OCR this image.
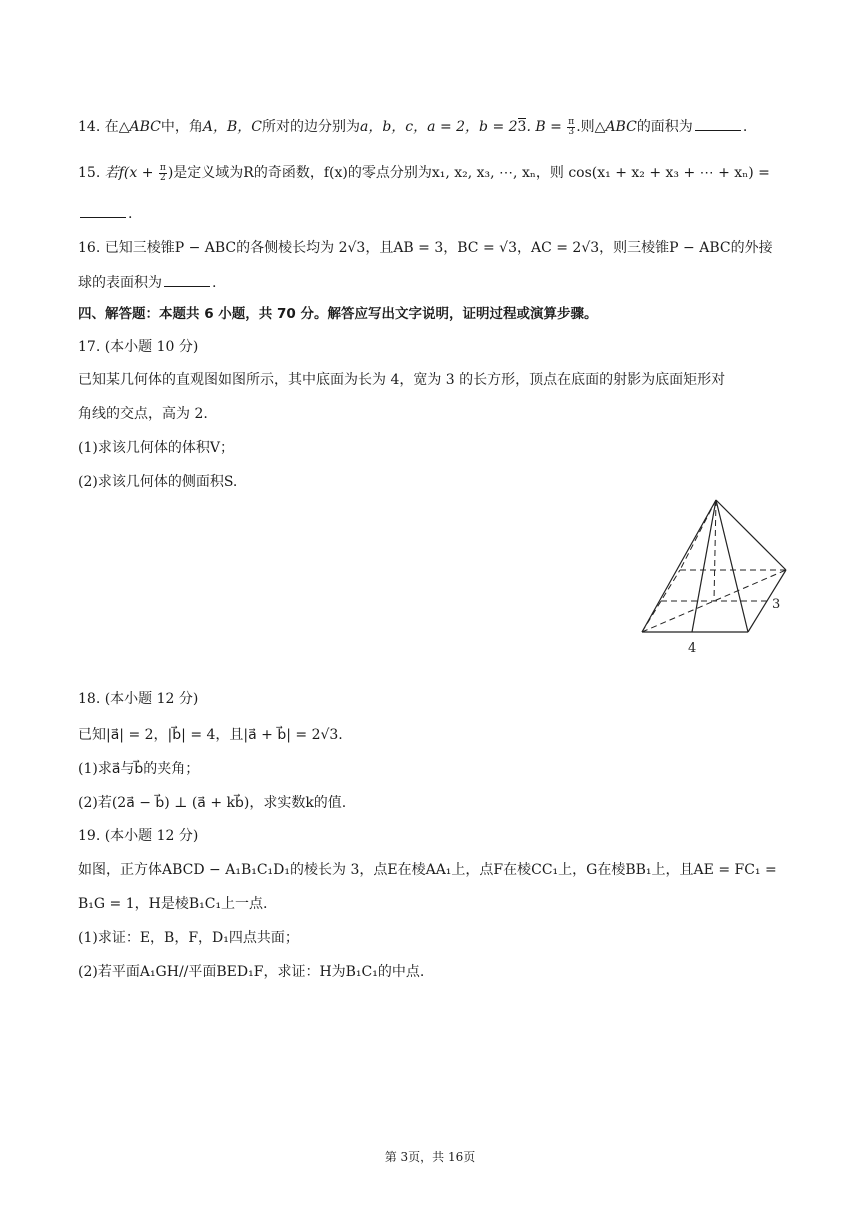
14. 在△ABC中，角A，B，C所对的边分别为a，b，c，a = 2，b = 23. $B = \frac{\pi}{3}$ .则△ABC的面积为	.
15. 若$f(x + \frac{\pi}{2}$ )是定义域为R的奇函数，f(x)的零点分别为x₁, x₂, x₃, ⋯, xₙ，则 cos(x₁ + x₂ + x₃ + ⋯ + xₙ) =
.
16. 已知三棱锥P − ABC的各侧棱长均为 2√3，且AB = 3，BC = √3，AC = 2√3，则三棱锥P − ABC的外接
球的表面积为	.
四、解答题：本题共 6 小题，共 70 分。解答应写出文字说明，证明过程或演算步骤。
17. (本小题 10 分)
已知某几何体的直观图如图所示，其中底面为长为 4，宽为 3 的长方形，顶点在底面的射影为底面矩形对
角线的交点，高为 2.
(1)求该几何体的体积V；
(2)求该几何体的侧面积S.
3
4
18. (本小题 12 分)
已知|a⃗| = 2，|b⃗| = 4，且|a⃗ + b⃗| = 2√3.
(1)求a⃗与b⃗的夹角；
(2)若(2a⃗ − b⃗) ⊥ (a⃗ + kb⃗)，求实数k的值.
19. (本小题 12 分)
如图，正方体ABCD − A₁B₁C₁D₁的棱长为 3，点E在棱AA₁上，点F在棱CC₁上，G在棱BB₁上，且AE = FC₁ =
B₁G = 1，H是棱B₁C₁上一点.
(1)求证：E，B，F，D₁四点共面；
(2)若平面A₁GH//平面BED₁F，求证：H为B₁C₁的中点.
第 3页，共 16页
